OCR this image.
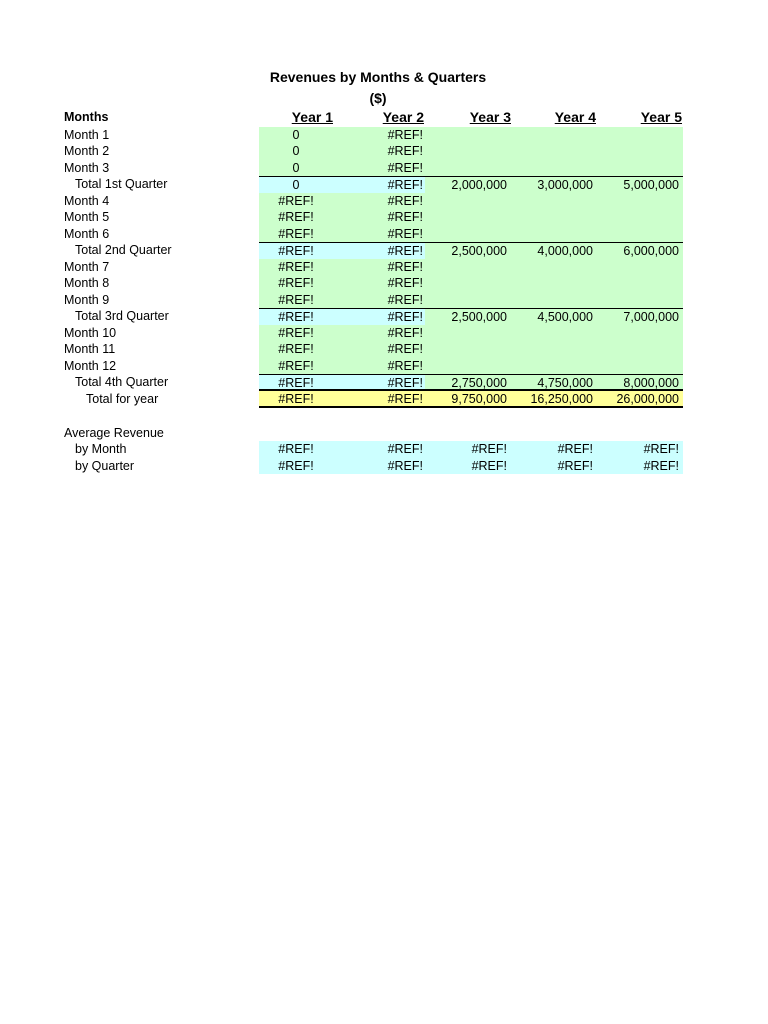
Revenues by Months & Quarters
($)
Months	Year 1	Year 2	Year 3	Year 4	Year 5
Month 1	0	#REF!
Month 2	0	#REF!
Month 3	0	#REF!
Total 1st Quarter	0	#REF!	2,000,000	3,000,000	5,000,000
Month 4	#REF!	#REF!
Month 5	#REF!	#REF!
Month 6	#REF!	#REF!
Total 2nd Quarter	#REF!	#REF!	2,500,000	4,000,000	6,000,000
Month 7	#REF!	#REF!
Month 8	#REF!	#REF!
Month 9	#REF!	#REF!
Total 3rd Quarter	#REF!	#REF!	2,500,000	4,500,000	7,000,000
Month 10	#REF!	#REF!
Month 11	#REF!	#REF!
Month 12	#REF!	#REF!
Total 4th Quarter	#REF!	#REF!	2,750,000	4,750,000	8,000,000
Total for year	#REF!	#REF!	9,750,000	16,250,000	26,000,000
Average Revenue
by Month	#REF!	#REF!	#REF!	#REF!	#REF!
by Quarter	#REF!	#REF!	#REF!	#REF!	#REF!
